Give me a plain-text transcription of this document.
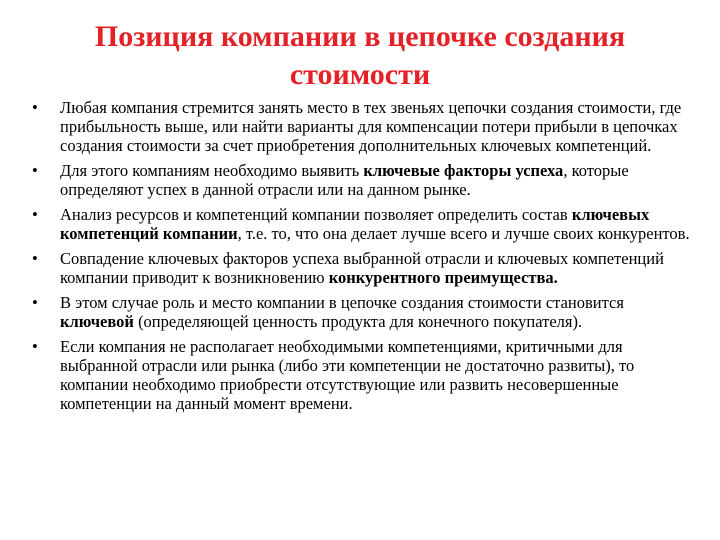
Позиция компании в цепочке создания стоимости
• Любая компания стремится занять место в тех звеньях цепочки создания стоимости, где прибыльность выше, или найти варианты для компенсации потери прибыли в цепочках создания стоимости за счет приобретения дополнительных ключевых компетенций.
• Для этого компаниям необходимо выявить ключевые факторы успеха, которые определяют успех в данной отрасли или на данном рынке.
• Анализ ресурсов и компетенций компании позволяет определить состав ключевых компетенций компании, т.е. то, что она делает лучше всего и лучше своих конкурентов.
• Совпадение ключевых факторов успеха выбранной отрасли и ключевых компетенций компании приводит к возникновению конкурентного преимущества.
• В этом случае роль и место компании в цепочке создания стоимости становится ключевой (определяющей ценность продукта для конечного покупателя).
• Если компания не располагает необходимыми компетенциями, критичными для выбранной отрасли или рынка (либо эти компетенции не достаточно развиты), то компании необходимо приобрести отсутствующие или развить несовершенные компетенции на данный момент времени.
